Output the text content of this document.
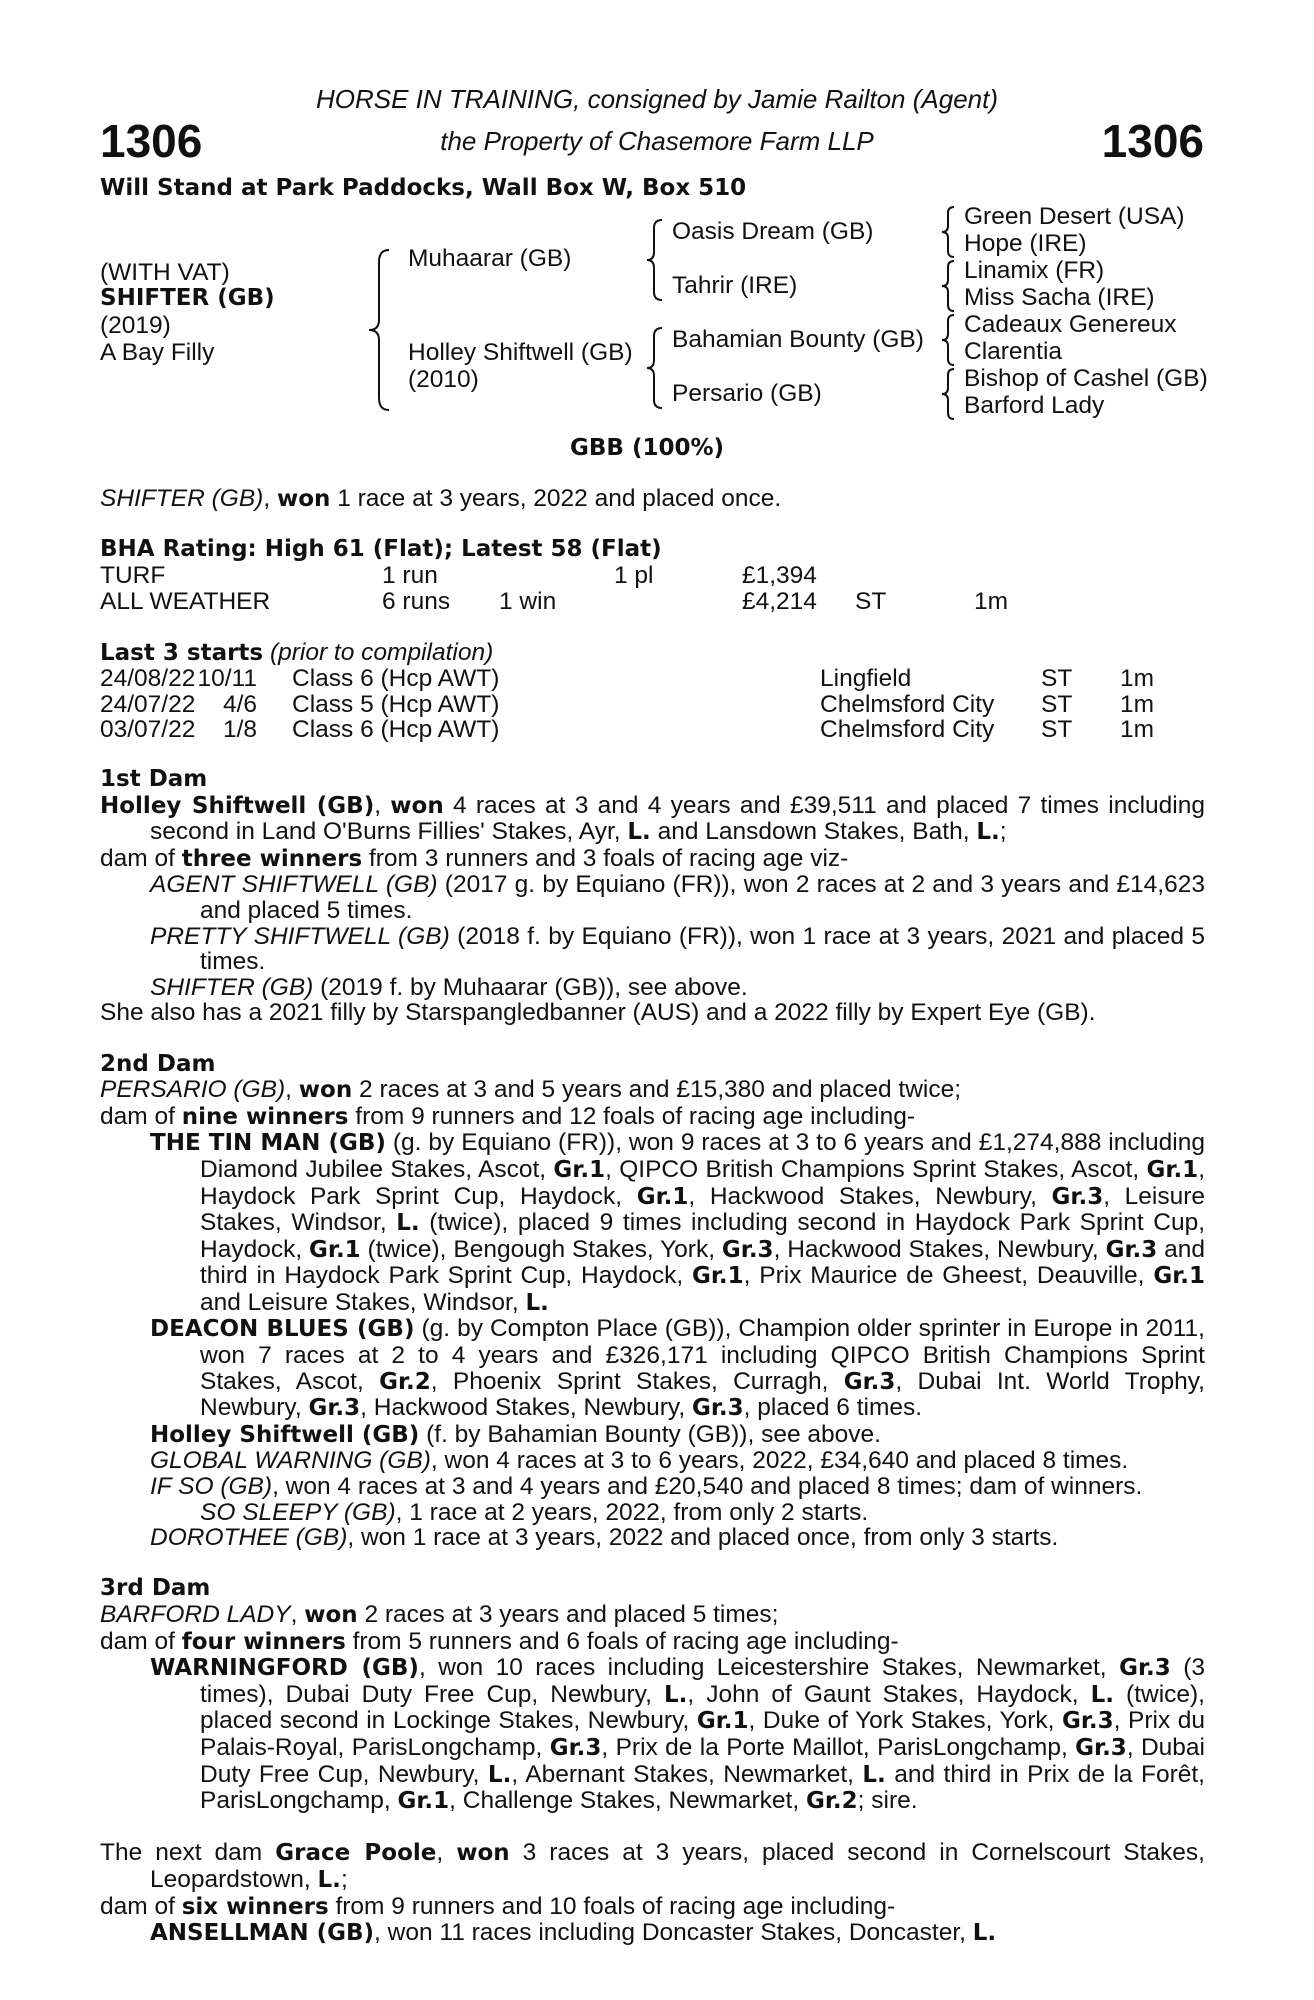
1306	1306
HORSE IN TRAINING, consigned by Jamie Railton (Agent)
the Property of Chasemore Farm LLP
Will Stand at Park Paddocks, Wall Box W, Box 510
(WITH VAT)
SHIFTER (GB)
(2019)
A Bay Filly
Muhaarar (GB)
Holley Shiftwell (GB)
(2010)
Oasis Dream (GB)
Tahrir (IRE)
Bahamian Bounty (GB)
Persario (GB)
Green Desert (USA)
Hope (IRE)
Linamix (FR)
Miss Sacha (IRE)
Cadeaux Genereux
Clarentia
Bishop of Cashel (GB)
Barford Lady
GBB (100%)
SHIFTER (GB), won 1 race at 3 years, 2022 and placed once.
BHA Rating: High 61 (Flat); Latest 58 (Flat)
TURF	1 run	1 pl	£1,394
ALL WEATHER	6 runs 1 win	£4,214 ST	1m
Last 3 starts (prior to compilation)
24/08/22 10/11 Class 6 (Hcp AWT)	Lingfield	ST 1m
24/07/22	4/6 Class 5 (Hcp AWT)	Chelmsford City ST 1m
03/07/22	1/8 Class 6 (Hcp AWT)	Chelmsford City ST 1m

1st Dam

Holley Shiftwell (GB), won 4 races at 3 and 4 years and £39,511 and placed 7 times including second in Land O'Burns Fillies' Stakes, Ayr, L. and Lansdown Stakes, Bath, L.;

dam of three winners from 3 runners and 3 foals of racing age viz-

AGENT SHIFTWELL (GB) (2017 g. by Equiano (FR)), won 2 races at 2 and 3 years and £14,623 and placed 5 times.

PRETTY SHIFTWELL (GB) (2018 f. by Equiano (FR)), won 1 race at 3 years, 2021 and placed 5 times.

SHIFTER (GB) (2019 f. by Muhaarar (GB)), see above.

She also has a 2021 filly by Starspangledbanner (AUS) and a 2022 filly by Expert Eye (GB).

2nd Dam

PERSARIO (GB), won 2 races at 3 and 5 years and £15,380 and placed twice;

dam of nine winners from 9 runners and 12 foals of racing age including-

THE TIN MAN (GB) (g. by Equiano (FR)), won 9 races at 3 to 6 years and £1,274,888 including Diamond Jubilee Stakes, Ascot, Gr.1, QIPCO British Champions Sprint Stakes, Ascot, Gr.1, Haydock Park Sprint Cup, Haydock, Gr.1, Hackwood Stakes, Newbury, Gr.3, Leisure Stakes, Windsor, L. (twice), placed 9 times including second in Haydock Park Sprint Cup, Haydock, Gr.1 (twice), Bengough Stakes, York, Gr.3, Hackwood Stakes, Newbury, Gr.3 and third in Haydock Park Sprint Cup, Haydock, Gr.1, Prix Maurice de Gheest, Deauville, Gr.1 and Leisure Stakes, Windsor, L.

DEACON BLUES (GB) (g. by Compton Place (GB)), Champion older sprinter in Europe in 2011, won 7 races at 2 to 4 years and £326,171 including QIPCO British Champions Sprint Stakes, Ascot, Gr.2, Phoenix Sprint Stakes, Curragh, Gr.3, Dubai Int. World Trophy, Newbury, Gr.3, Hackwood Stakes, Newbury, Gr.3, placed 6 times.

Holley Shiftwell (GB) (f. by Bahamian Bounty (GB)), see above.

GLOBAL WARNING (GB), won 4 races at 3 to 6 years, 2022, £34,640 and placed 8 times.

IF SO (GB), won 4 races at 3 and 4 years and £20,540 and placed 8 times; dam of winners.

SO SLEEPY (GB), 1 race at 2 years, 2022, from only 2 starts.

DOROTHEE (GB), won 1 race at 3 years, 2022 and placed once, from only 3 starts.

3rd Dam

BARFORD LADY, won 2 races at 3 years and placed 5 times;

dam of four winners from 5 runners and 6 foals of racing age including-

WARNINGFORD (GB), won 10 races including Leicestershire Stakes, Newmarket, Gr.3 (3 times), Dubai Duty Free Cup, Newbury, L., John of Gaunt Stakes, Haydock, L. (twice), placed second in Lockinge Stakes, Newbury, Gr.1, Duke of York Stakes, York, Gr.3, Prix du Palais-Royal, ParisLongchamp, Gr.3, Prix de la Porte Maillot, ParisLongchamp, Gr.3, Dubai Duty Free Cup, Newbury, L., Abernant Stakes, Newmarket, L. and third in Prix de la Forêt, ParisLongchamp, Gr.1, Challenge Stakes, Newmarket, Gr.2; sire.

The next dam Grace Poole, won 3 races at 3 years, placed second in Cornelscourt Stakes, Leopardstown, L.;

dam of six winners from 9 runners and 10 foals of racing age including-

ANSELLMAN (GB), won 11 races including Doncaster Stakes, Doncaster, L.
